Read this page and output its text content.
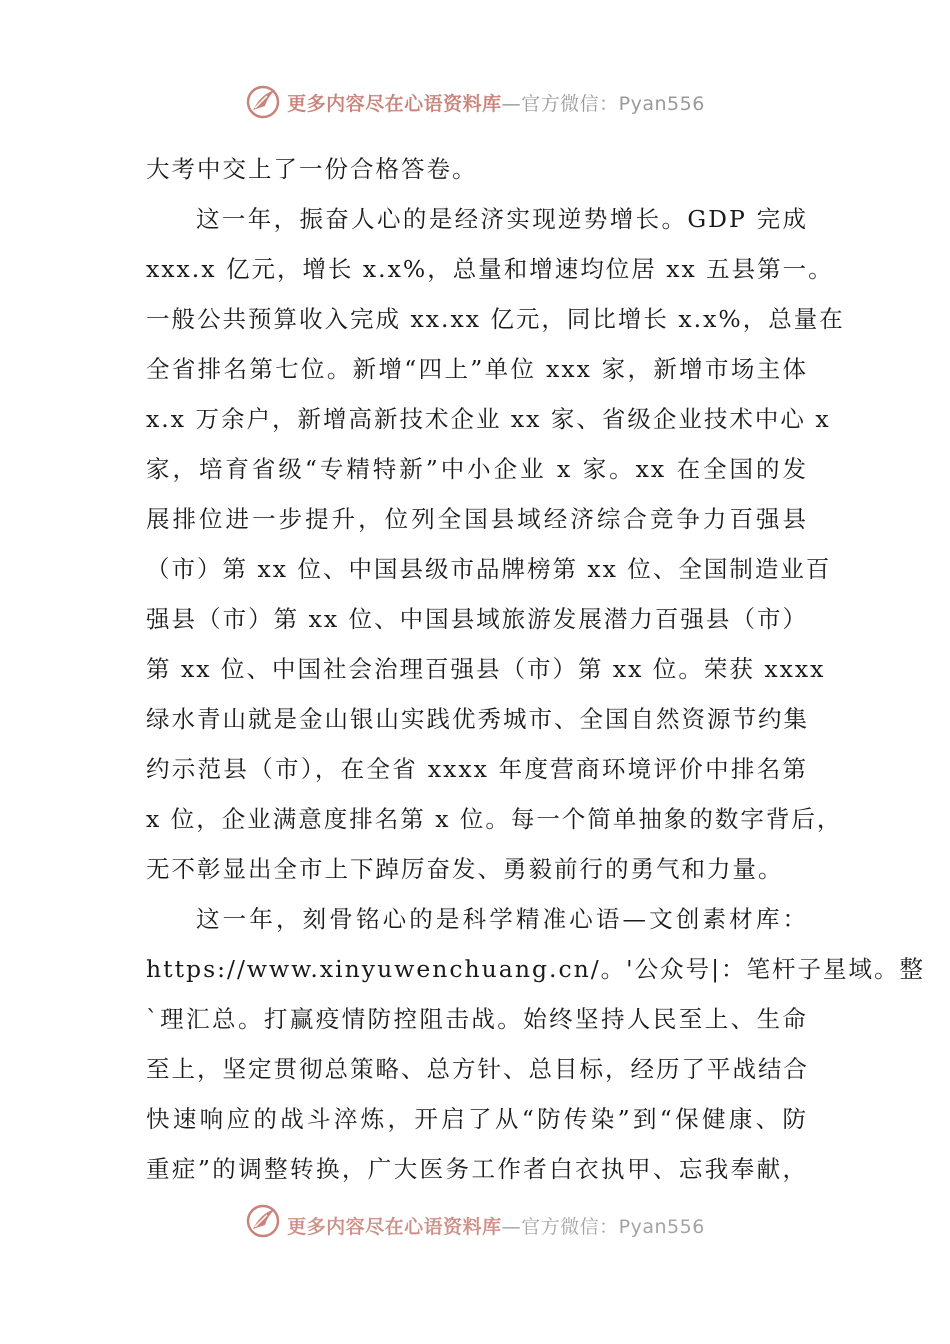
更多内容尽在心语资料库—官方微信：Pyan556
大考中交上了一份合格答卷。
这一年，振奋人心的是经济实现逆势增长。GDP 完成
xxx.x 亿元，增长 x.x%，总量和增速均位居 xx 五县第一。
一般公共预算收入完成 xx.xx 亿元，同比增长 x.x%，总量在
全省排名第七位。新增“四上”单位 xxx 家，新增市场主体
x.x 万余户，新增高新技术企业 xx 家、省级企业技术中心 x
家，培育省级“专精特新”中小企业 x 家。xx 在全国的发
展排位进一步提升，位列全国县域经济综合竞争力百强县
（市）第 xx 位、中国县级市品牌榜第 xx 位、全国制造业百
强县（市）第 xx 位、中国县域旅游发展潜力百强县（市）
第 xx 位、中国社会治理百强县（市）第 xx 位。荣获 xxxx
绿水青山就是金山银山实践优秀城市、全国自然资源节约集
约示范县（市），在全省 xxxx 年度营商环境评价中排名第
x 位，企业满意度排名第 x 位。每一个简单抽象的数字背后，
无不彰显出全市上下踔厉奋发、勇毅前行的勇气和力量。
这一年，刻骨铭心的是科学精准心语—文创素材库：
https://www.xinyuwenchuang.cn/。'公众号|：笔杆子星域。整
`理汇总。打赢疫情防控阻击战。始终坚持人民至上、生命
至上，坚定贯彻总策略、总方针、总目标，经历了平战结合
快速响应的战斗淬炼，开启了从“防传染”到“保健康、防
重症”的调整转换，广大医务工作者白衣执甲、忘我奉献，
更多内容尽在心语资料库—官方微信：Pyan556
